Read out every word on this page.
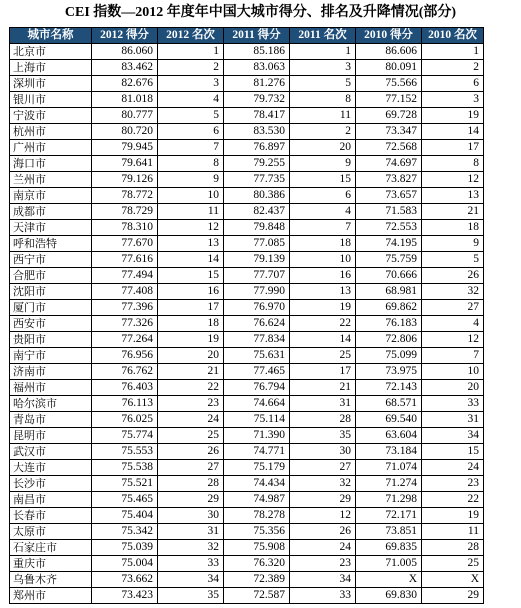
CEI 指数—2012 年度年中国大城市得分、排名及升降情况(部分)
城市名称	2012 得分	2012 名次	2011 得分	2011 名次	2010 得分	2010 名次
北京市	86.060	1	85.186	1	86.606	1
上海市	83.462	2	83.063	3	80.091	2
深圳市	82.676	3	81.276	5	75.566	6
银川市	81.018	4	79.732	8	77.152	3
宁波市	80.777	5	78.417	11	69.728	19
杭州市	80.720	6	83.530	2	73.347	14
广州市	79.945	7	76.897	20	72.568	17
海口市	79.641	8	79.255	9	74.697	8
兰州市	79.126	9	77.735	15	73.827	12
南京市	78.772	10	80.386	6	73.657	13
成都市	78.729	11	82.437	4	71.583	21
天津市	78.310	12	79.848	7	72.553	18
呼和浩特	77.670	13	77.085	18	74.195	9
西宁市	77.616	14	79.139	10	75.759	5
合肥市	77.494	15	77.707	16	70.666	26
沈阳市	77.408	16	77.990	13	68.981	32
厦门市	77.396	17	76.970	19	69.862	27
西安市	77.326	18	76.624	22	76.183	4
贵阳市	77.264	19	77.834	14	72.806	12
南宁市	76.956	20	75.631	25	75.099	7
济南市	76.762	21	77.465	17	73.975	10
福州市	76.403	22	76.794	21	72.143	20
哈尔滨市	76.113	23	74.664	31	68.571	33
青岛市	76.025	24	75.114	28	69.540	31
昆明市	75.774	25	71.390	35	63.604	34
武汉市	75.553	26	74.771	30	73.184	15
大连市	75.538	27	75.179	27	71.074	24
长沙市	75.521	28	74.434	32	71.274	23
南昌市	75.465	29	74.987	29	71.298	22
长春市	75.404	30	78.278	12	72.171	19
太原市	75.342	31	75.356	26	73.851	11
石家庄市	75.039	32	75.908	24	69.835	28
重庆市	75.004	33	76.320	23	71.005	25
乌鲁木齐	73.662	34	72.389	34	X	X
郑州市	73.423	35	72.587	33	69.830	29
